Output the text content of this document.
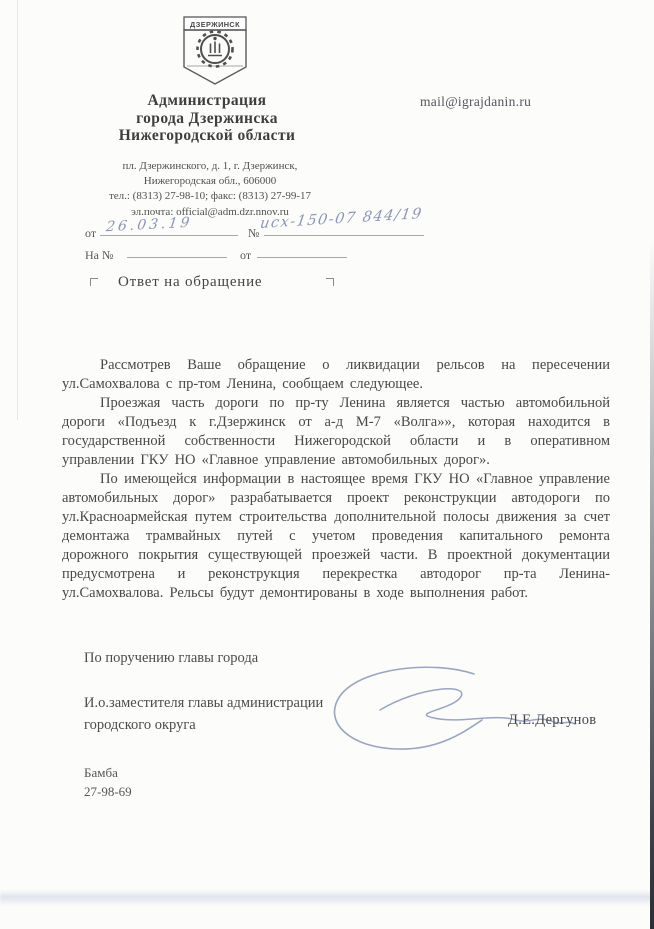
ДЗЕРЖИНСК
Администрация
города Дзержинска
Нижегородской области
mail@igrajdanin.ru
пл. Дзержинского, д. 1, г. Дзержинск,
Нижегородская обл., 606000
тел.: (8313) 27-98-10; факс: (8313) 27-99-17
эл.почта: official@adm.dzr.nnov.ru
от 26.03.19	№
исх-150-07 844/19
На №	от
Ответ на обращение

Рассмотрев Ваше обращение о ликвидации рельсов на пересечении ул.Самохвалова с пр-том Ленина, сообщаем следующее.

Проезжая часть дороги по пр-ту Ленина является частью автомобильной дороги «Подъезд к г.Дзержинск от а-д М-7 «Волга»», которая находится в государственной собственности Нижегородской области и в оперативном управлении ГКУ НО «Главное управление автомобильных дорог».

По имеющейся информации в настоящее время ГКУ НО «Главное управление автомобильных дорог» разрабатывается проект реконструкции автодороги по ул.Красноармейская путем строительства дополнительной полосы движения за счет демонтажа трамвайных путей с учетом проведения капитального ремонта дорожного покрытия существующей проезжей части. В проектной документации предусмотрена и реконструкция перекрестка автодорог пр-та Ленина-ул.Самохвалова. Рельсы будут демонтированы в ходе выполнения работ.

По поручению главы города
И.о.заместителя главы администрации
городского округа	Д.Е.Дергунов
Бамба
27-98-69
